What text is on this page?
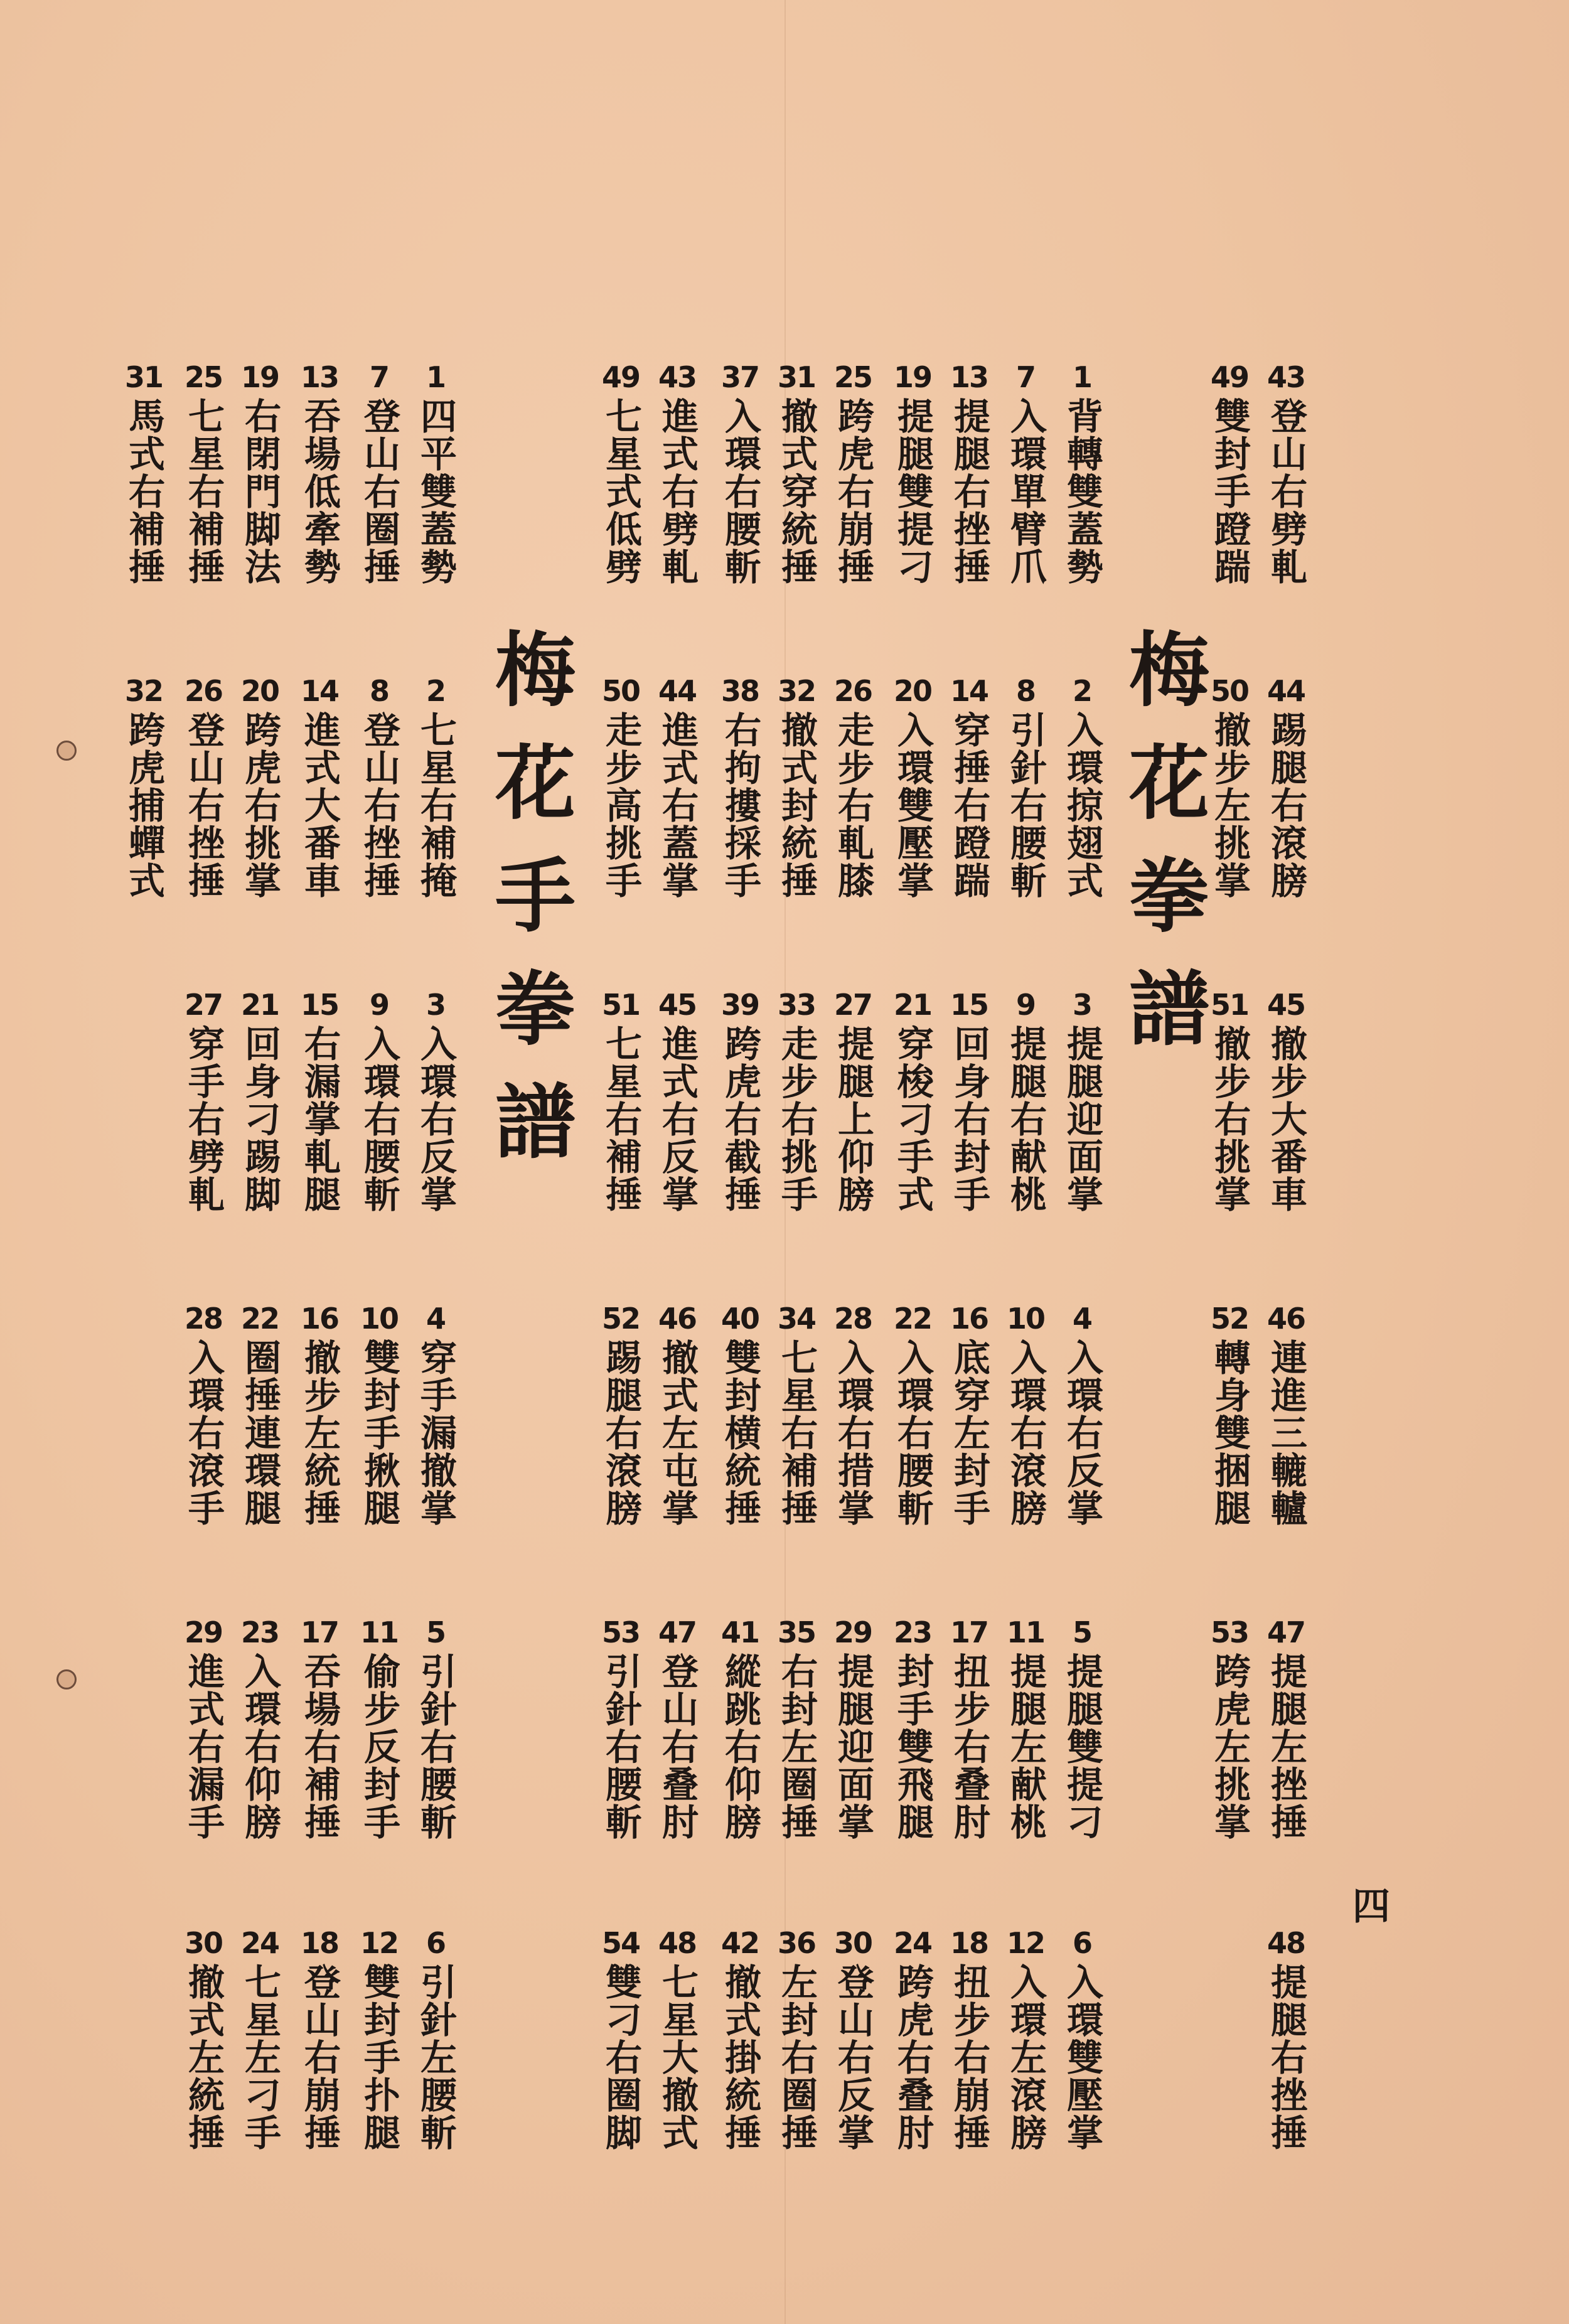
1
背轉雙蓋勢
2
入環掠翅式
3
提腿迎面掌
4
入環右反掌
5
提腿雙提刁
6
入環雙壓掌
7
入環單臂爪
8
引針右腰斬
9
提腿右献桃
10
入環右滾膀
11
提腿左献桃
12
入環左滾膀
13
提腿右挫捶
14
穿捶右蹬踹
15
回身右封手
16
底穿左封手
17
扭步右叠肘
18
扭步右崩捶
19
提腿雙提刁
20
入環雙壓掌
21
穿梭刁手式
22
入環右腰斬
23
封手雙飛腿
24
跨虎右叠肘
25
跨虎右崩捶
26
走步右軋膝
27
提腿上仰膀
28
入環右措掌
29
提腿迎面掌
30
登山右反掌
31
撤式穿統捶
32
撤式封統捶
33
走步右挑手
34
七星右補捶
35
右封左圈捶
36
左封右圈捶
37
入環右腰斬
38
右拘摟採手
39
跨虎右截捶
40
雙封横統捶
41
縱跳右仰膀
42
撤式掛統捶
43
進式右劈軋
44
進式右蓋掌
45
進式右反掌
46
撤式左屯掌
47
登山右叠肘
48
七星大撤式
49
七星式低劈
50
走步高挑手
51
七星右補捶
52
踢腿右滾膀
53
引針右腰斬
54
雙刁右圈脚
1
四平雙蓋勢
2
七星右補掩
3
入環右反掌
4
穿手漏撤掌
5
引針右腰斬
6
引針左腰斬
7
登山右圈捶
8
登山右挫捶
9
入環右腰斬
10
雙封手揪腿
11
偷步反封手
12
雙封手扑腿
13
吞場低牽勢
14
進式大番車
15
右漏掌軋腿
16
撤步左統捶
17
吞場右補捶
18
登山右崩捶
19
右閉門脚法
20
跨虎右挑掌
21
回身刁踢脚
22
圈捶連環腿
23
入環右仰膀
24
七星左刁手
25
七星右補捶
26
登山右挫捶
27
穿手右劈軋
28
入環右滾手
29
進式右漏手
30
撤式左統捶
31
馬式右補捶
32
跨虎捕蟬式
43
登山右劈軋
44
踢腿右滾膀
45
撤步大番車
46
連進三轆轤
47
提腿左挫捶
48
提腿右挫捶
49
雙封手蹬踹
50
撤步左挑掌
51
撤步右挑掌
52
轉身雙捆腿
53
跨虎左挑掌
梅花拳譜
梅花手拳譜
四
